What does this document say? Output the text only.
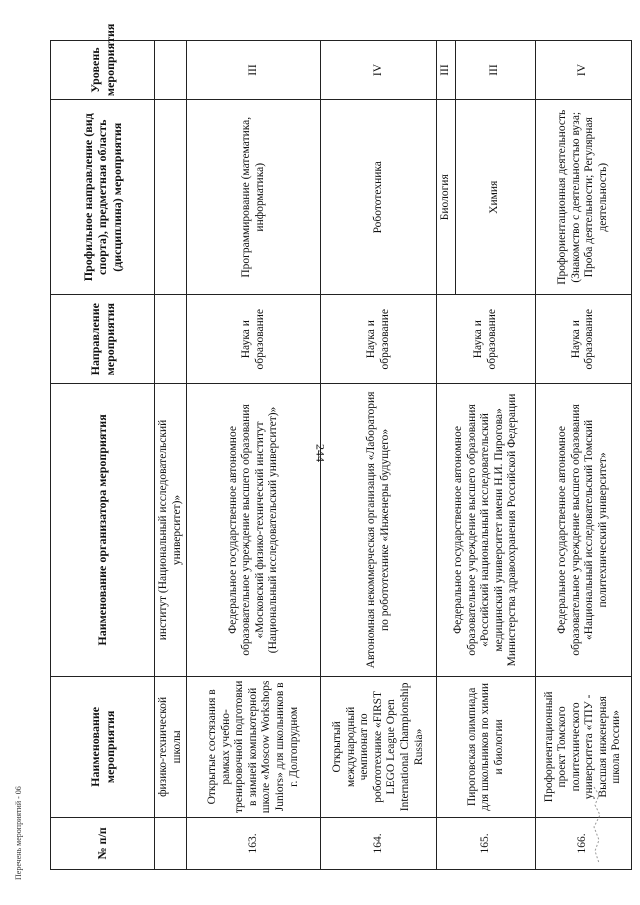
244
№ п/п	Наименование мероприятия	Наименование организатора мероприятия	Направление мероприятия	Профильное направление (вид спорта), предметная область (дисциплина) мероприятия	Уровень мероприятия
	физико-технической школы	институт (Национальный исследовательский университет)»			
163.	Открытые состязания в рамках учебно-тренировочной подготовки в зимней компьютерной школе «Moscow Workshops Juniors» для школьников в г. Долгопрудном	Федеральное государственное автономное образовательное учреждение высшего образования «Московский физико-технический институт (Национальный исследовательский университет)»	Наука и образование	Программирование (математика, информатика)	III
164.	Открытый международный чемпионат по робототехнике «FIRST LEGO League Open International Championship Russia»	Автономная некоммерческая организация «Лаборатория по робототехнике «Инженеры будущего»	Наука и образование	Робототехника	IV
165.	Пироговская олимпиада для школьников по химии и биологии	Федеральное государственное автономное образовательное учреждение высшего образования «Российский национальный исследовательский медицинский университет имени Н.И. Пирогова» Министерства здравоохранения Российской Федерации	Наука и образование	Биология	III
				Химия	III
166.	Профориентационный проект Томского политехнического университета «ТПУ - Высшая инженерная школа России»	Федеральное государственное автономное образовательное учреждение высшего образования «Национальный исследовательский Томский политехнический университет»	Наука и образование	Профориентационная деятельность (Знакомство с деятельностью вуза; Проба деятельности; Регулярная деятельность)	IV
Перечень мероприятий - 06
